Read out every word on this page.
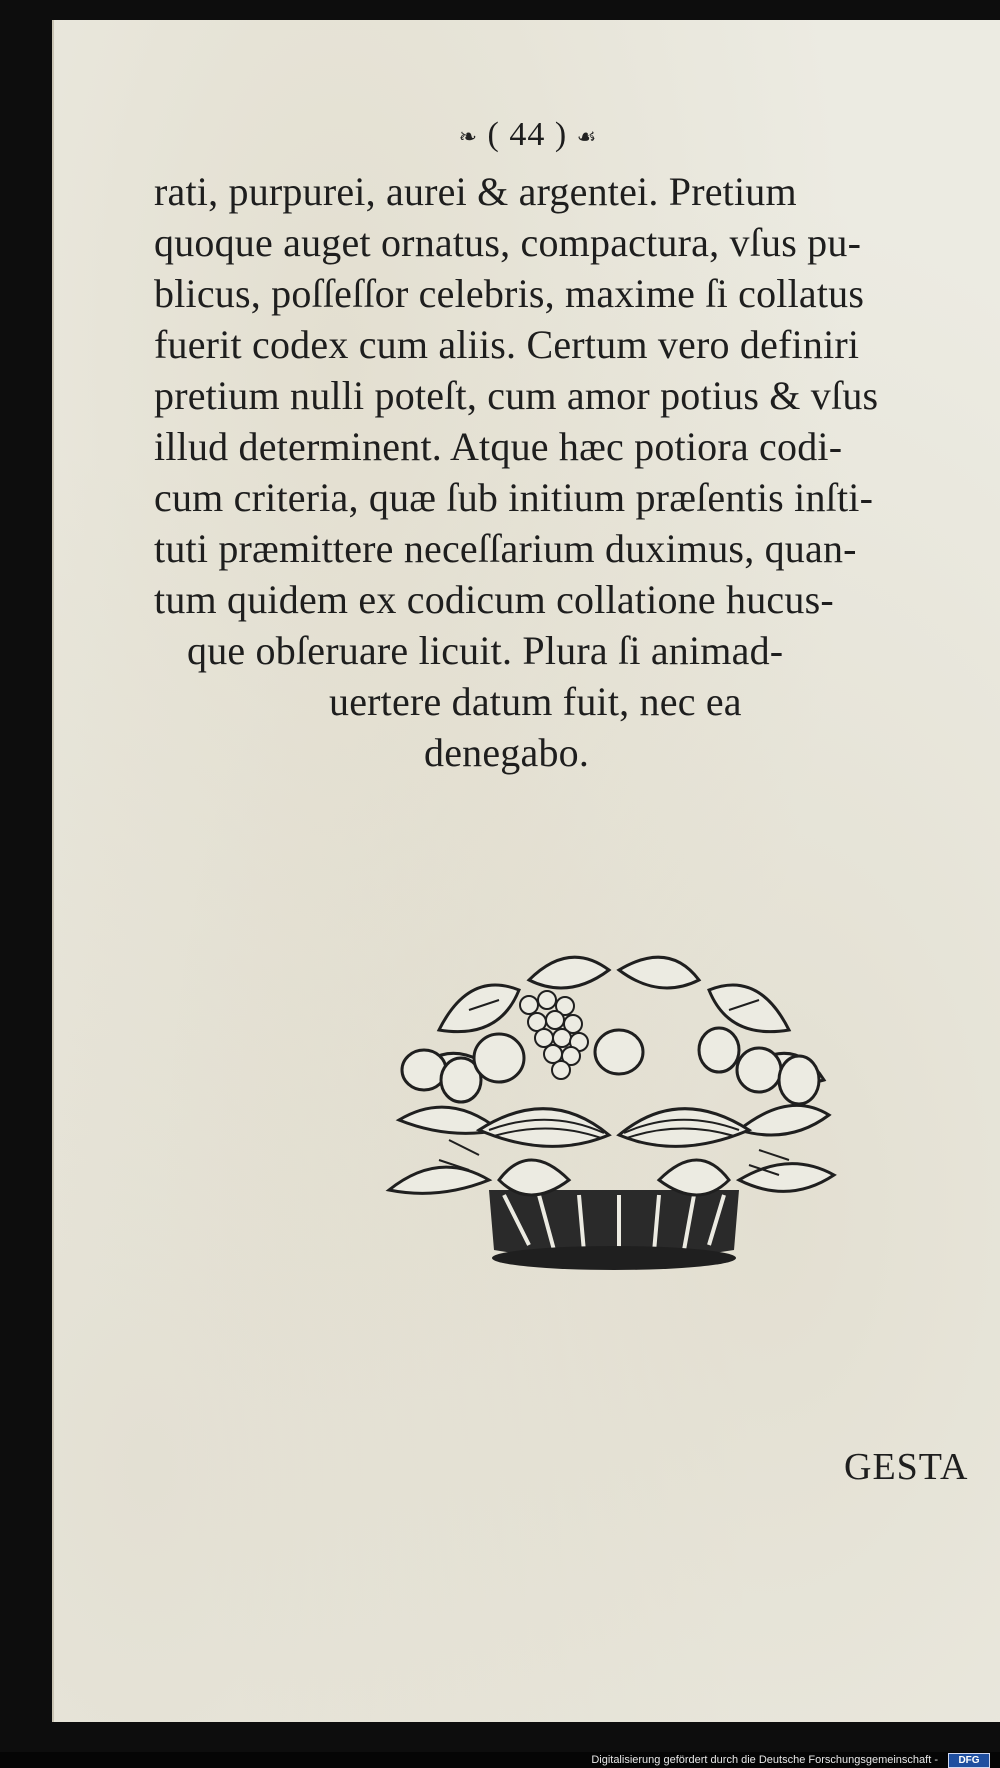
❧ ( 44 ) ☙
rati, purpurei, aurei & argentei. Pretium
quoque auget ornatus, compactura, vſus pu-
blicus, poſſeſſor celebris, maxime ſi collatus
fuerit codex cum aliis. Certum vero definiri
pretium nulli poteſt, cum amor potius & vſus
illud determinent. Atque hæc potiora codi-
cum criteria, quæ ſub initium præſentis inſti-
tuti præmittere neceſſarium duximus, quan-
tum quidem ex codicum collatione hucus-
que obſeruare licuit. Plura ſi animad-
uertere datum fuit, nec ea
denegabo.
GESTA
Digitalisierung gefördert durch die Deutsche Forschungsgemeinschaft -	DFG
